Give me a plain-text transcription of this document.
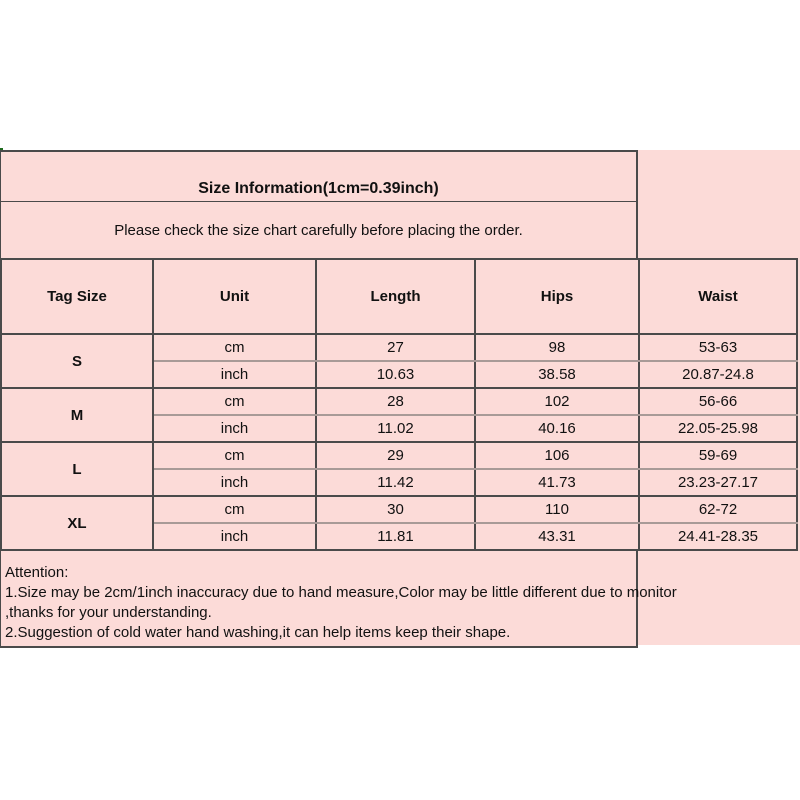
Size Information(1cm=0.39inch)
Please check the size chart carefully before placing the order.
Tag Size	Unit	Length	Hips	Waist
S	cm	27	98	53-63
	inch	10.63	38.58	20.87-24.8
M	cm	28	102	56-66
	inch	11.02	40.16	22.05-25.98
L	cm	29	106	59-69
	inch	11.42	41.73	23.23-27.17
XL	cm	30	110	62-72
	inch	11.81	43.31	24.41-28.35
Attention:
1.Size may be 2cm/1inch inaccuracy due to hand measure,Color may be little different due to monitor
,thanks for your understanding.
2.Suggestion of cold water hand washing,it can help items keep their shape.
